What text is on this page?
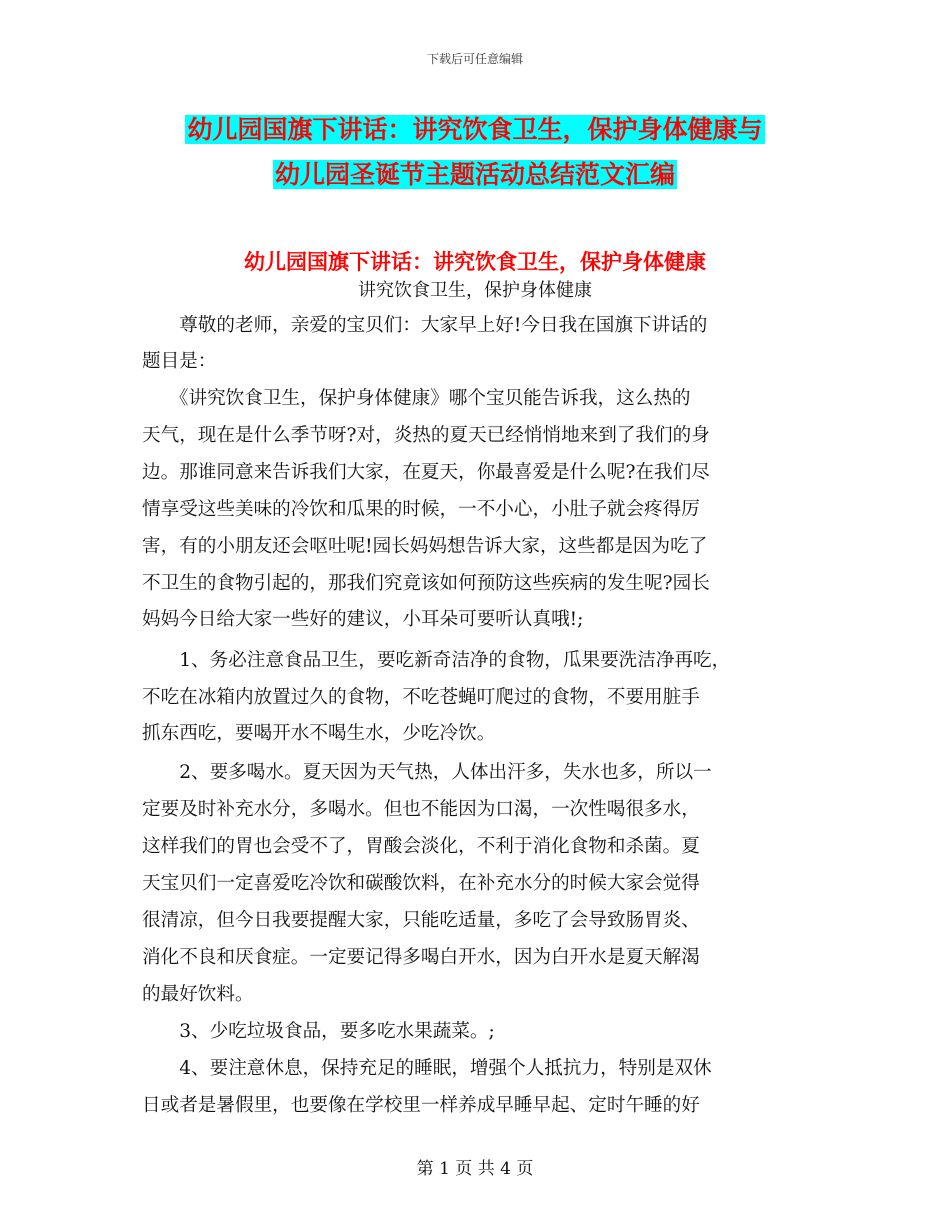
下载后可任意编辑
幼儿园国旗下讲话：讲究饮食卫生，保护身体健康与
幼儿园圣诞节主题活动总结范文汇编
幼儿园国旗下讲话：讲究饮食卫生，保护身体健康
讲究饮食卫生，保护身体健康
　　尊敬的老师，亲爱的宝贝们：大家早上好!今日我在国旗下讲话的
题目是：
　　《讲究饮食卫生，保护身体健康》哪个宝贝能告诉我，这么热的
天气，现在是什么季节呀?对，炎热的夏天已经悄悄地来到了我们的身
边。那谁同意来告诉我们大家，在夏天，你最喜爱是什么呢?在我们尽
情享受这些美味的冷饮和瓜果的时候，一不小心，小肚子就会疼得厉
害，有的小朋友还会呕吐呢!园长妈妈想告诉大家，这些都是因为吃了
不卫生的食物引起的，那我们究竟该如何预防这些疾病的发生呢?园长
妈妈今日给大家一些好的建议，小耳朵可要听认真哦!;
　　1、务必注意食品卫生，要吃新奇洁净的食物，瓜果要洗洁净再吃，
不吃在冰箱内放置过久的食物，不吃苍蝇叮爬过的食物，不要用脏手
抓东西吃，要喝开水不喝生水，少吃冷饮。
　　2、要多喝水。夏天因为天气热，人体出汗多，失水也多，所以一
定要及时补充水分，多喝水。但也不能因为口渴，一次性喝很多水，
这样我们的胃也会受不了，胃酸会淡化，不利于消化食物和杀菌。夏
天宝贝们一定喜爱吃冷饮和碳酸饮料，在补充水分的时候大家会觉得
很清凉，但今日我要提醒大家，只能吃适量，多吃了会导致肠胃炎、
消化不良和厌食症。一定要记得多喝白开水，因为白开水是夏天解渴
的最好饮料。
　　3、少吃垃圾食品，要多吃水果蔬菜。;
　　4、要注意休息，保持充足的睡眠，增强个人抵抗力，特别是双休
日或者是暑假里，也要像在学校里一样养成早睡早起、定时午睡的好
第 1 页 共 4 页
